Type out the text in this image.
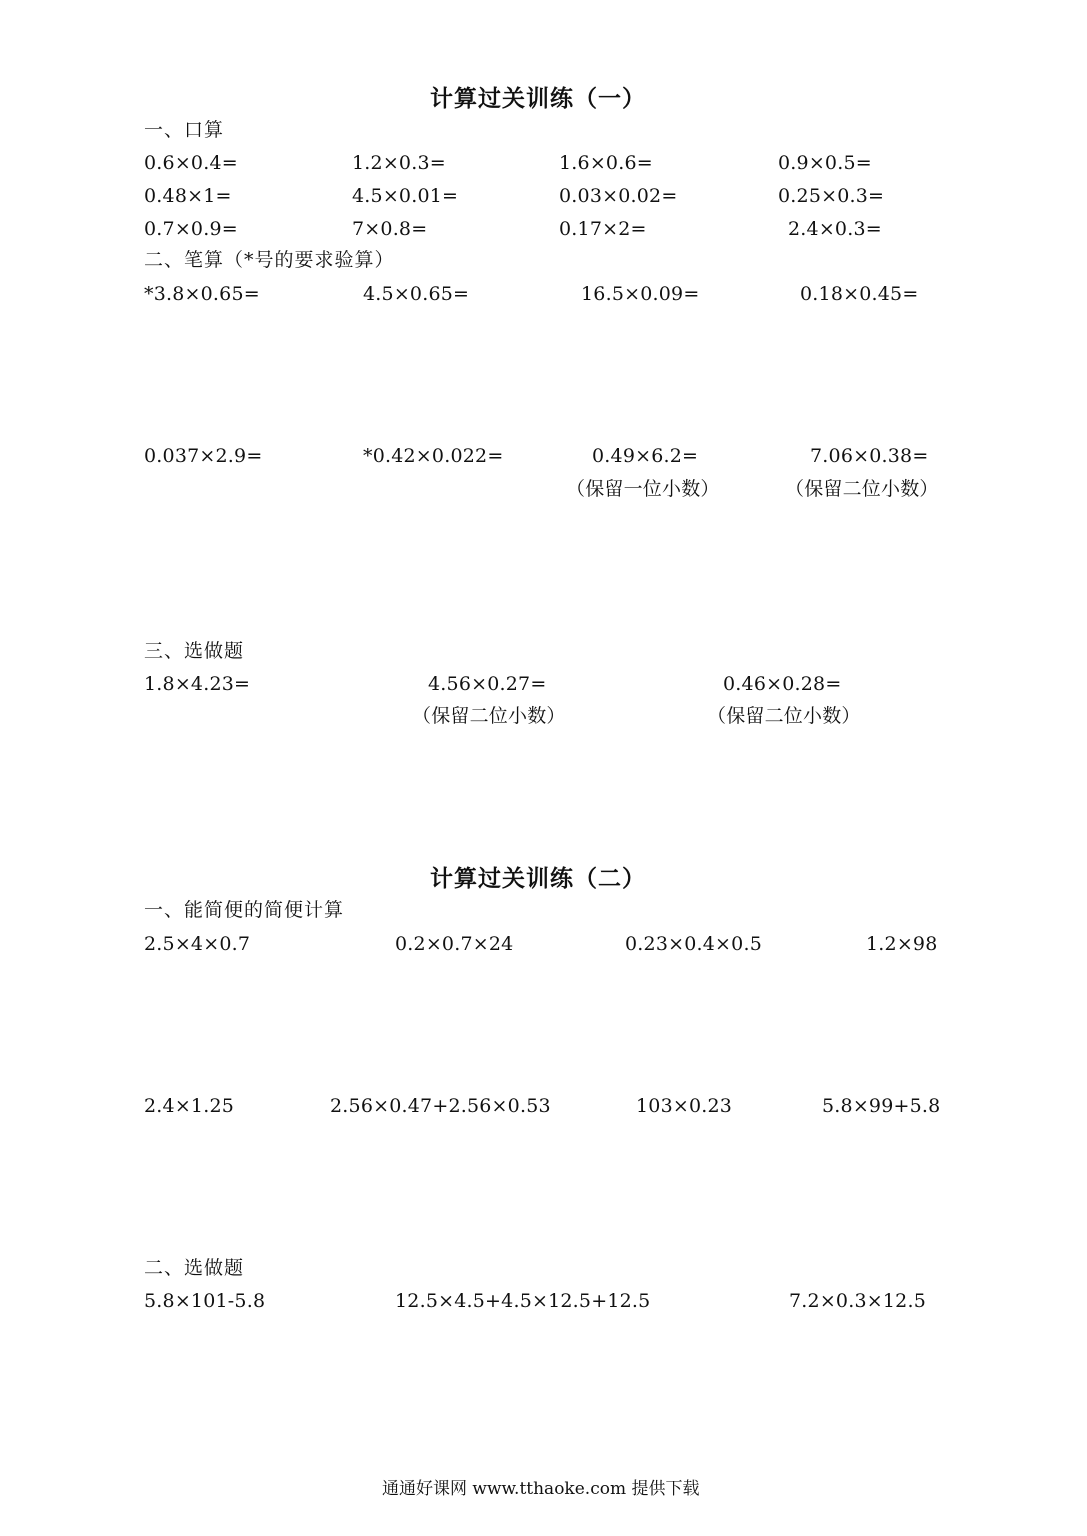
计算过关训练（一）
一、口算
0.6×0.4=	1.2×0.3=	1.6×0.6=	0.9×0.5=
0.48×1=	4.5×0.01=	0.03×0.02=	0.25×0.3=
0.7×0.9=	7×0.8=	0.17×2=	2.4×0.3=
二、笔算（*号的要求验算）
*3.8×0.65=	4.5×0.65=	16.5×0.09=	0.18×0.45=
0.037×2.9=	*0.42×0.022=	0.49×6.2=	7.06×0.38=
（保留一位小数）	（保留二位小数）
三、选做题
1.8×4.23=	4.56×0.27=	0.46×0.28=
（保留二位小数）	（保留二位小数）
计算过关训练（二）
一、能简便的简便计算
2.5×4×0.7	0.2×0.7×24	0.23×0.4×0.5	1.2×98
2.4×1.25	2.56×0.47+2.56×0.53	103×0.23	5.8×99+5.8
二、选做题
5.8×101-5.8	12.5×4.5+4.5×12.5+12.5	7.2×0.3×12.5
通通好课网 www.tthaoke.com 提供下载
